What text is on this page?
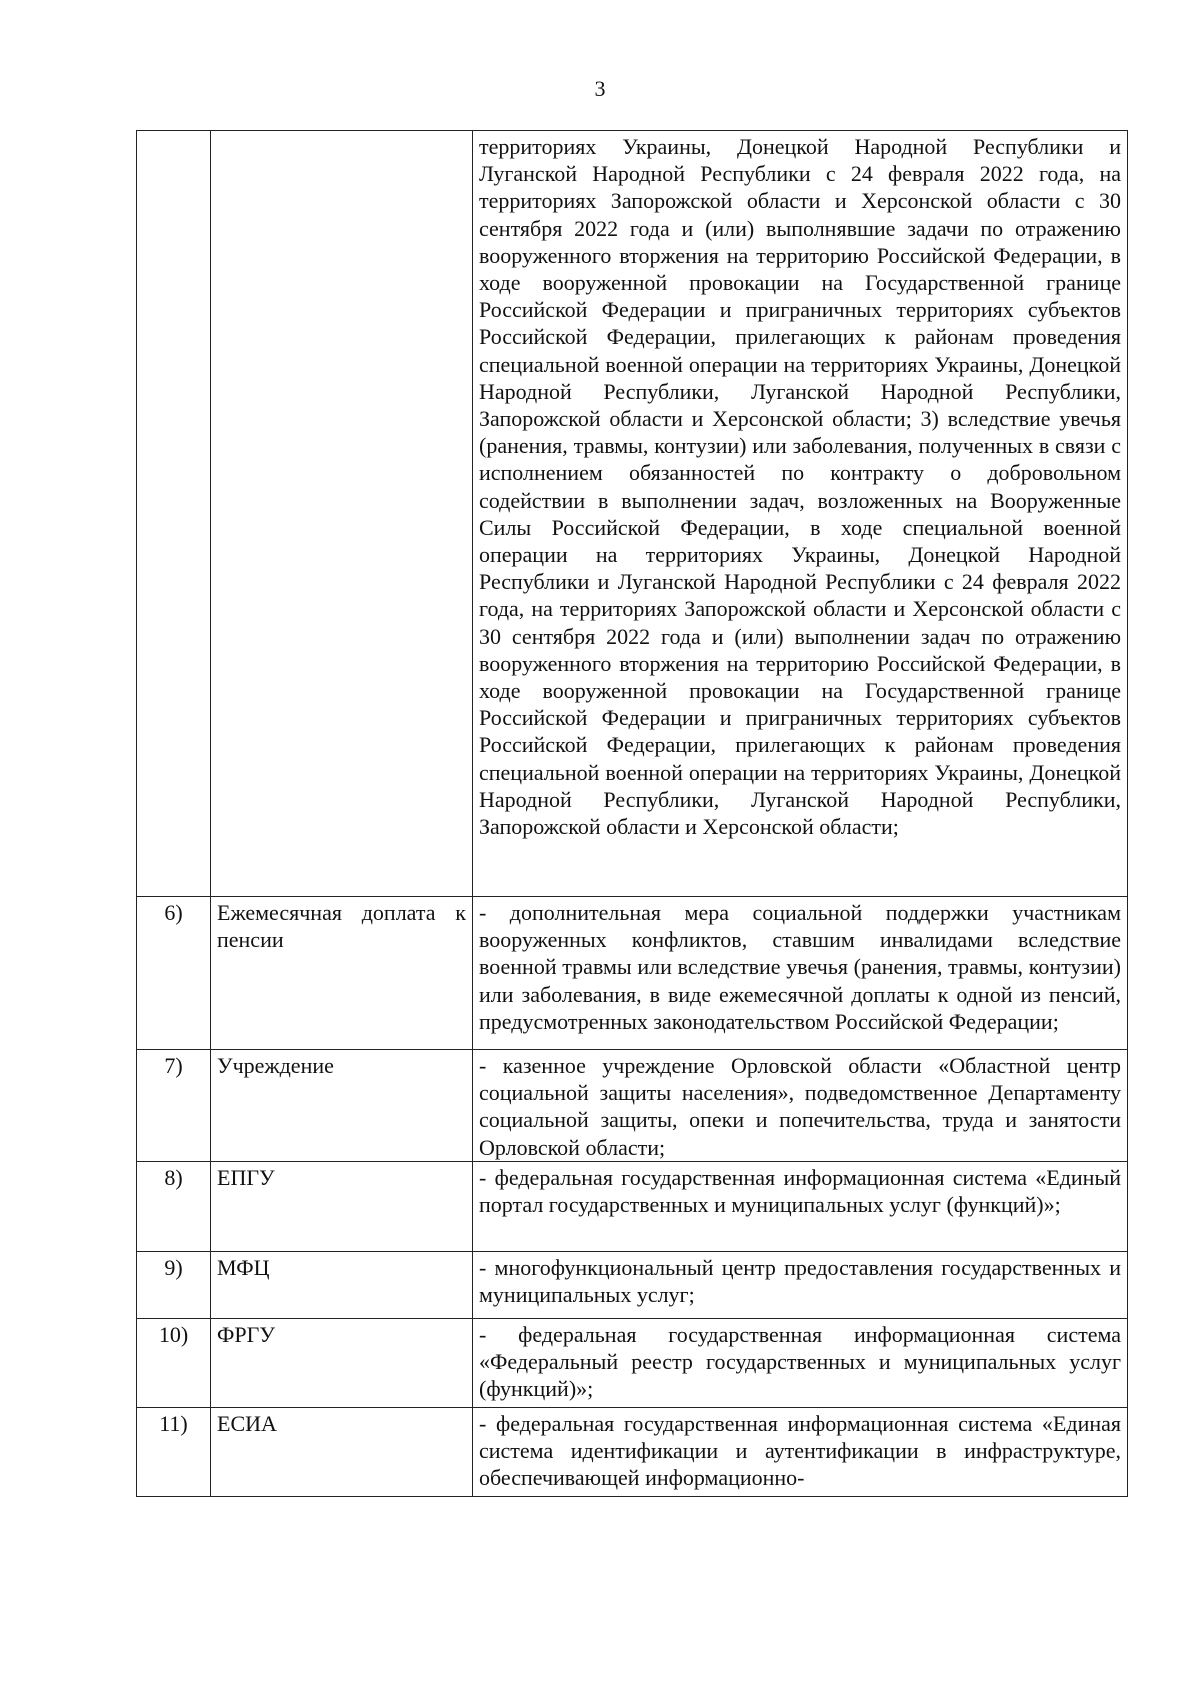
3
		территориях Украины, Донецкой Народной Республики и Луганской Народной Республики с 24 февраля 2022 года, на территориях Запорожской области и Херсонской области с 30 сентября 2022 года и (или) выполнявшие задачи по отражению вооруженного вторжения на территорию Российской Федерации, в ходе вооруженной провокации на Государственной границе Российской Федерации и приграничных территориях субъектов Российской Федерации, прилегающих к районам проведения специальной военной операции на территориях Украины, Донецкой Народной Республики, Луганской Народной Республики, Запорожской области и Херсонской области; 3) вследствие увечья (ранения, травмы, контузии) или заболевания, полученных в связи с исполнением обязанностей по контракту о добровольном содействии в выполнении задач, возложенных на Вооруженные Силы Российской Федерации, в ходе специальной военной операции на территориях Украины, Донецкой Народной Республики и Луганской Народной Республики с 24 февраля 2022 года, на территориях Запорожской области и Херсонской области с 30 сентября 2022 года и (или) выполнении задач по отражению вооруженного вторжения на территорию Российской Федерации, в ходе вооруженной провокации на Государственной границе Российской Федерации и приграничных территориях субъектов Российской Федерации, прилегающих к районам проведения специальной военной операции на территориях Украины, Донецкой Народной Республики, Луганской Народной Республики, Запорожской области и Херсонской области;
6)	Ежемесячная доплата к пенсии	- дополнительная мера социальной поддержки участникам вооруженных конфликтов, ставшим инвалидами вследствие военной травмы или вследствие увечья (ранения, травмы, контузии) или заболевания, в виде ежемесячной доплаты к одной из пенсий, предусмотренных законодательством Российской Федерации;
7)	Учреждение	- казенное учреждение Орловской области «Областной центр социальной защиты населения», подведомственное Департаменту социальной защиты, опеки и попечительства, труда и занятости Орловской области;
8)	ЕПГУ	- федеральная государственная информационная система «Единый портал государственных и муниципальных услуг (функций)»;
9)	МФЦ	- многофункциональный центр предоставления государственных и муниципальных услуг;
10)	ФРГУ	- федеральная государственная информационная система «Федеральный реестр государственных и муниципальных услуг (функций)»;
11)	ЕСИА	- федеральная государственная информационная система «Единая система идентификации и аутентификации в инфраструктуре, обеспечивающей информационно-
